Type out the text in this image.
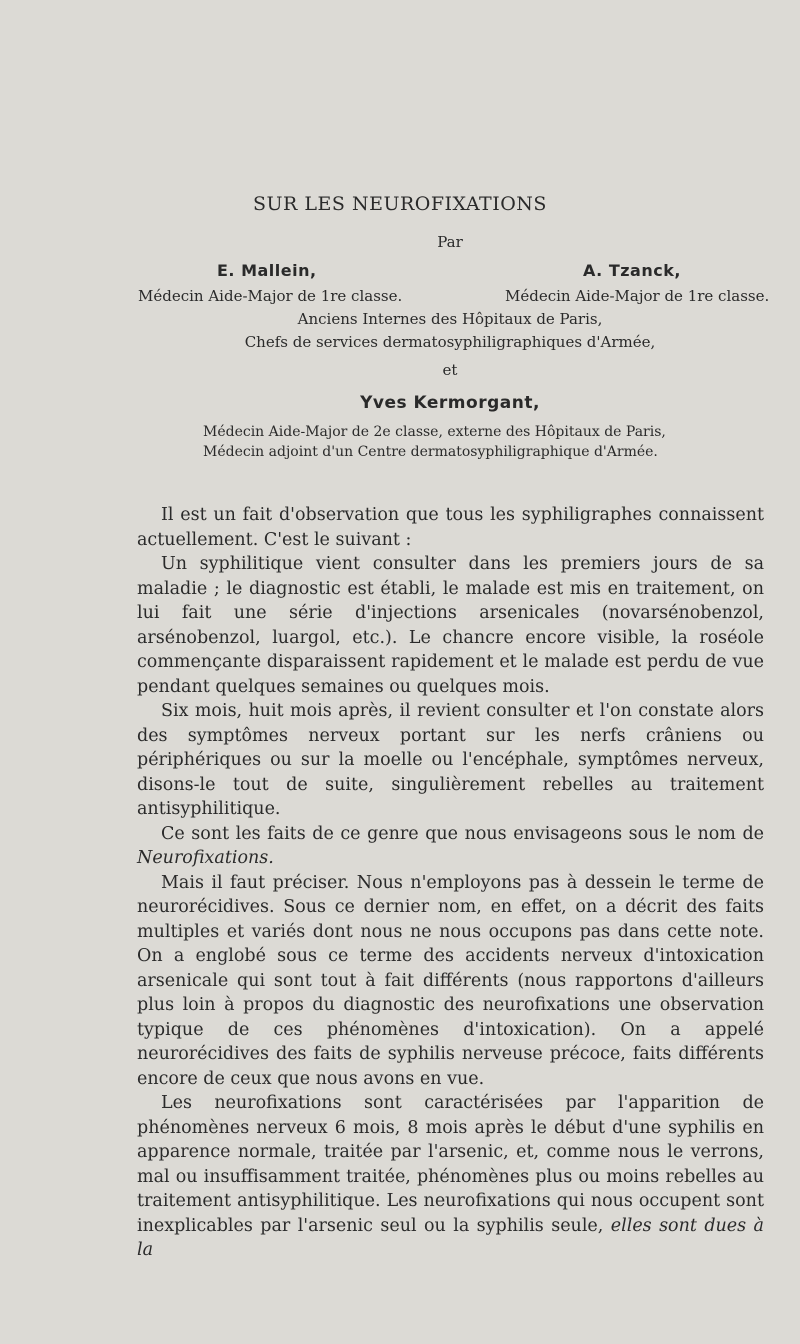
SUR LES NEUROFIXATIONS
Par
E. Mallein,	A. Tzanck,
Médecin Aide-Major de 1re classe.	Médecin Aide-Major de 1re classe.
Anciens Internes des Hôpitaux de Paris,
Chefs de services dermatosyphiligraphiques d'Armée,
et
Yves Kermorgant,
Médecin Aide-Major de 2e classe, externe des Hôpitaux de Paris,
Médecin adjoint d'un Centre dermatosyphiligraphique d'Armée.

Il est un fait d'observation que tous les syphiligraphes connaissent actuellement. C'est le suivant :

Un syphilitique vient consulter dans les premiers jours de sa maladie ; le diagnostic est établi, le malade est mis en traitement, on lui fait une série d'injections arsenicales (novarsénobenzol, arsénobenzol, luargol, etc.). Le chancre encore visible, la roséole commençante disparaissent rapidement et le malade est perdu de vue pendant quelques semaines ou quelques mois.

Six mois, huit mois après, il revient consulter et l'on constate alors des symptômes nerveux portant sur les nerfs crâniens ou périphériques ou sur la moelle ou l'encéphale, symptômes nerveux, disons-le tout de suite, singulièrement rebelles au traitement antisyphilitique.

Ce sont les faits de ce genre que nous envisageons sous le nom de Neurofixations.

Mais il faut préciser. Nous n'employons pas à dessein le terme de neurorécidives. Sous ce dernier nom, en effet, on a décrit des faits multiples et variés dont nous ne nous occupons pas dans cette note. On a englobé sous ce terme des accidents nerveux d'intoxication arsenicale qui sont tout à fait différents (nous rapportons d'ailleurs plus loin à propos du diagnostic des neurofixations une observation typique de ces phénomènes d'intoxication). On a appelé neurorécidives des faits de syphilis nerveuse précoce, faits différents encore de ceux que nous avons en vue.

Les neurofixations sont caractérisées par l'apparition de phénomènes nerveux 6 mois, 8 mois après le début d'une syphilis en apparence normale, traitée par l'arsenic, et, comme nous le verrons, mal ou insuffisamment traitée, phénomènes plus ou moins rebelles au traitement antisyphilitique. Les neurofixations qui nous occupent sont inexplicables par l'arsenic seul ou la syphilis seule, elles sont dues à la
